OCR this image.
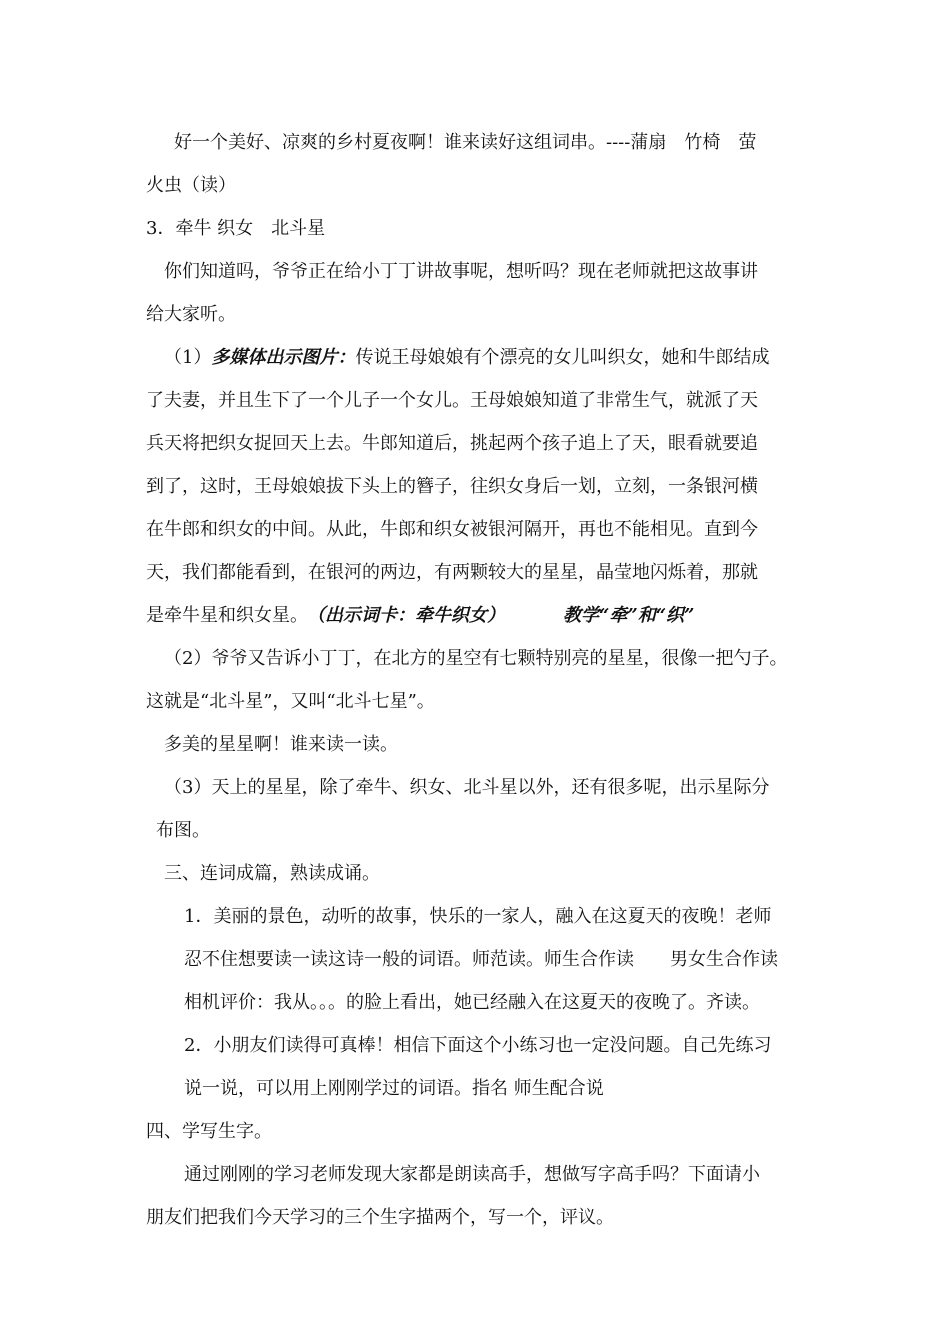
好一个美好、凉爽的乡村夏夜啊！谁来读好这组词串。----蒲扇　竹椅　萤
火虫（读）
3．牵牛 织女　北斗星
你们知道吗，爷爷正在给小丁丁讲故事呢，想听吗？现在老师就把这故事讲
给大家听。
（1）多媒体出示图片：传说王母娘娘有个漂亮的女儿叫织女，她和牛郎结成
了夫妻，并且生下了一个儿子一个女儿。王母娘娘知道了非常生气，就派了天
兵天将把织女捉回天上去。牛郎知道后，挑起两个孩子追上了天，眼看就要追
到了，这时，王母娘娘拔下头上的簪子，往织女身后一划，立刻，一条银河横
在牛郎和织女的中间。从此，牛郎和织女被银河隔开，再也不能相见。直到今
天，我们都能看到，在银河的两边，有两颗较大的星星，晶莹地闪烁着，那就
是牵牛星和织女星。 （出示词卡：牵牛织女）	教学“牵”和“织”
（2）爷爷又告诉小丁丁，在北方的星空有七颗特别亮的星星，很像一把勺子。
这就是“北斗星”，又叫“北斗七星”。
多美的星星啊！谁来读一读。
（3）天上的星星，除了牵牛、织女、北斗星以外，还有很多呢，出示星际分
布图。
三、连词成篇，熟读成诵。
1．美丽的景色，动听的故事，快乐的一家人，融入在这夏天的夜晚！老师
忍不住想要读一读这诗一般的词语。师范读。师生合作读　　男女生合作读
相机评价：我从。。。的脸上看出，她已经融入在这夏天的夜晚了。齐读。
2．小朋友们读得可真棒！相信下面这个小练习也一定没问题。自己先练习
说一说，可以用上刚刚学过的词语。指名 师生配合说
四、学写生字。
通过刚刚的学习老师发现大家都是朗读高手，想做写字高手吗？下面请小
朋友们把我们今天学习的三个生字描两个，写一个，评议。
